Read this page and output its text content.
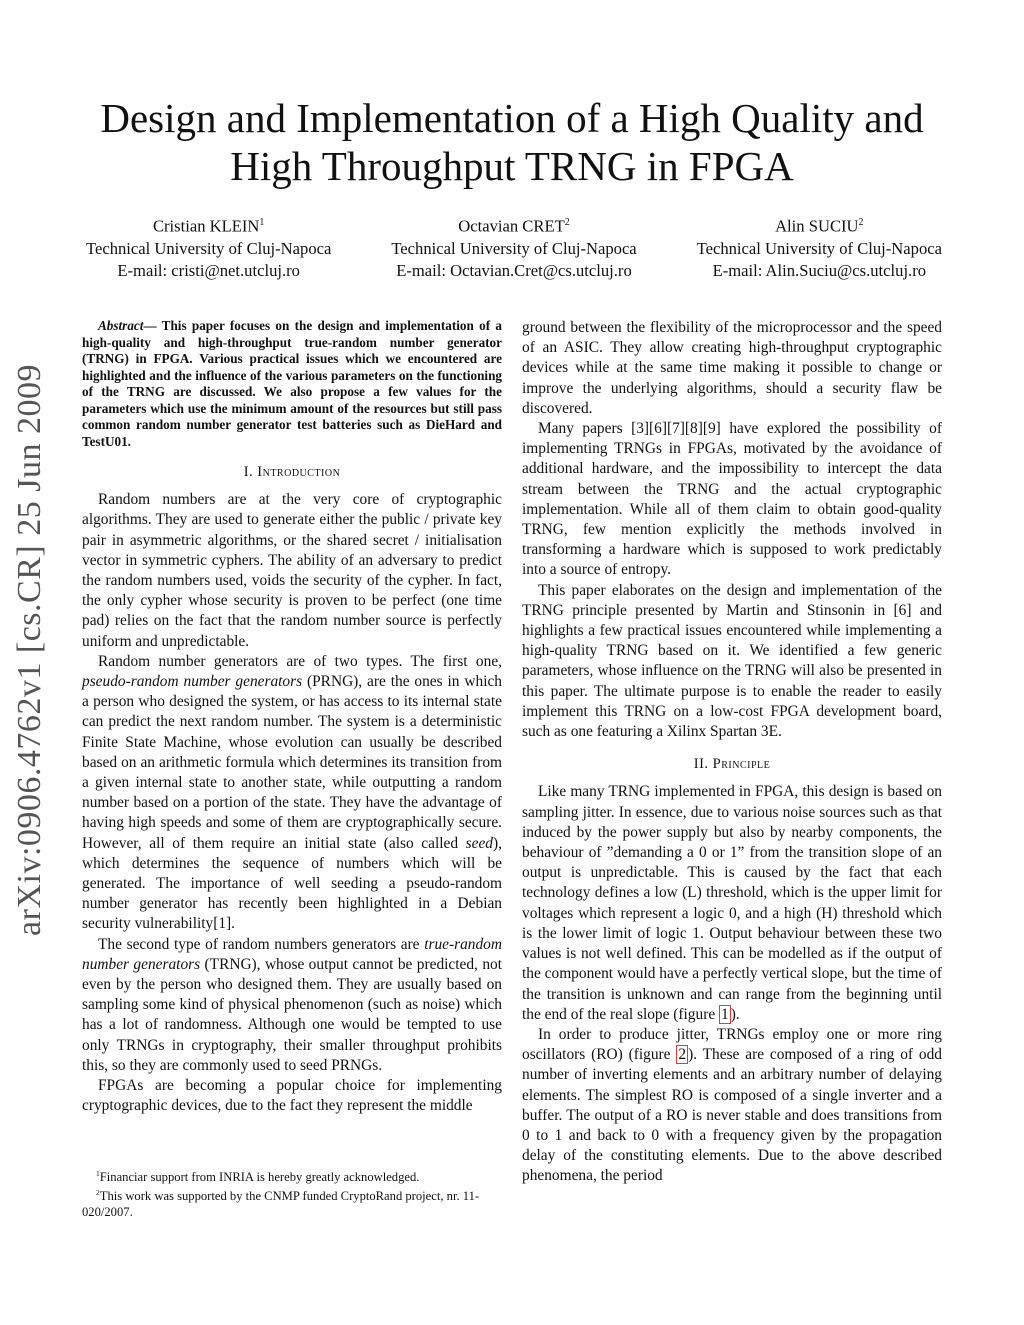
arXiv:0906.4762v1 [cs.CR] 25 Jun 2009
Design and Implementation of a High Quality and
High Throughput TRNG in FPGA
Cristian KLEIN$^1$
Technical University of Cluj-Napoca
E-mail: cristi@net.utcluj.ro
Octavian CRET$^2$
Technical University of Cluj-Napoca
E-mail: Octavian.Cret@cs.utcluj.ro
Alin SUCIU$^2$
Technical University of Cluj-Napoca
E-mail: Alin.Suciu@cs.utcluj.ro

Abstract— This paper focuses on the design and implementation of a high-quality and high-throughput true-random number generator (TRNG) in FPGA. Various practical issues which we encountered are highlighted and the influence of the various parameters on the functioning of the TRNG are discussed. We also propose a few values for the parameters which use the minimum amount of the resources but still pass common random number generator test batteries such as DieHard and TestU01.

I. Introduction

Random numbers are at the very core of cryptographic algorithms. They are used to generate either the public / private key pair in asymmetric algorithms, or the shared secret / initialisation vector in symmetric cyphers. The ability of an adversary to predict the random numbers used, voids the security of the cypher. In fact, the only cypher whose security is proven to be perfect (one time pad) relies on the fact that the random number source is perfectly uniform and unpredictable.

Random number generators are of two types. The first one, pseudo-random number generators (PRNG), are the ones in which a person who designed the system, or has access to its internal state can predict the next random number. The system is a deterministic Finite State Machine, whose evolution can usually be described based on an arithmetic formula which determines its transition from a given internal state to another state, while outputting a random number based on a portion of the state. They have the advantage of having high speeds and some of them are cryptographically secure. However, all of them require an initial state (also called seed), which determines the sequence of numbers which will be generated. The importance of well seeding a pseudo-random number generator has recently been highlighted in a Debian security vulnerability[1].

The second type of random numbers generators are true-random number generators (TRNG), whose output cannot be predicted, not even by the person who designed them. They are usually based on sampling some kind of physical phenomenon (such as noise) which has a lot of randomness. Although one would be tempted to use only TRNGs in cryptography, their smaller throughput prohibits this, so they are commonly used to seed PRNGs.

FPGAs are becoming a popular choice for implementing cryptographic devices, due to the fact they represent the middle

$^1$Financiar support from INRIA is hereby greatly acknowledged.

$^2$This work was supported by the CNMP funded CryptoRand project, nr. 11-020/2007.

ground between the flexibility of the microprocessor and the speed of an ASIC. They allow creating high-throughput cryptographic devices while at the same time making it possible to change or improve the underlying algorithms, should a security flaw be discovered.

Many papers [3][6][7][8][9] have explored the possibility of implementing TRNGs in FPGAs, motivated by the avoidance of additional hardware, and the impossibility to intercept the data stream between the TRNG and the actual cryptographic implementation. While all of them claim to obtain good-quality TRNG, few mention explicitly the methods involved in transforming a hardware which is supposed to work predictably into a source of entropy.

This paper elaborates on the design and implementation of the TRNG principle presented by Martin and Stinsonin in [6] and highlights a few practical issues encountered while implementing a high-quality TRNG based on it. We identified a few generic parameters, whose influence on the TRNG will also be presented in this paper. The ultimate purpose is to enable the reader to easily implement this TRNG on a low-cost FPGA development board, such as one featuring a Xilinx Spartan 3E.

II. Principle

Like many TRNG implemented in FPGA, this design is based on sampling jitter. In essence, due to various noise sources such as that induced by the power supply but also by nearby components, the behaviour of ”demanding a 0 or 1” from the transition slope of an output is unpredictable. This is caused by the fact that each technology defines a low (L) threshold, which is the upper limit for voltages which represent a logic 0, and a high (H) threshold which is the lower limit of logic 1. Output behaviour between these two values is not well defined. This can be modelled as if the output of the component would have a perfectly vertical slope, but the time of the transition is unknown and can range from the beginning until the end of the real slope (figure 1 ).

In order to produce jitter, TRNGs employ one or more ring oscillators (RO) (figure 2 ). These are composed of a ring of odd number of inverting elements and an arbitrary number of delaying elements. The simplest RO is composed of a single inverter and a buffer. The output of a RO is never stable and does transitions from 0 to 1 and back to 0 with a frequency given by the propagation delay of the constituting elements. Due to the above described phenomena, the period
